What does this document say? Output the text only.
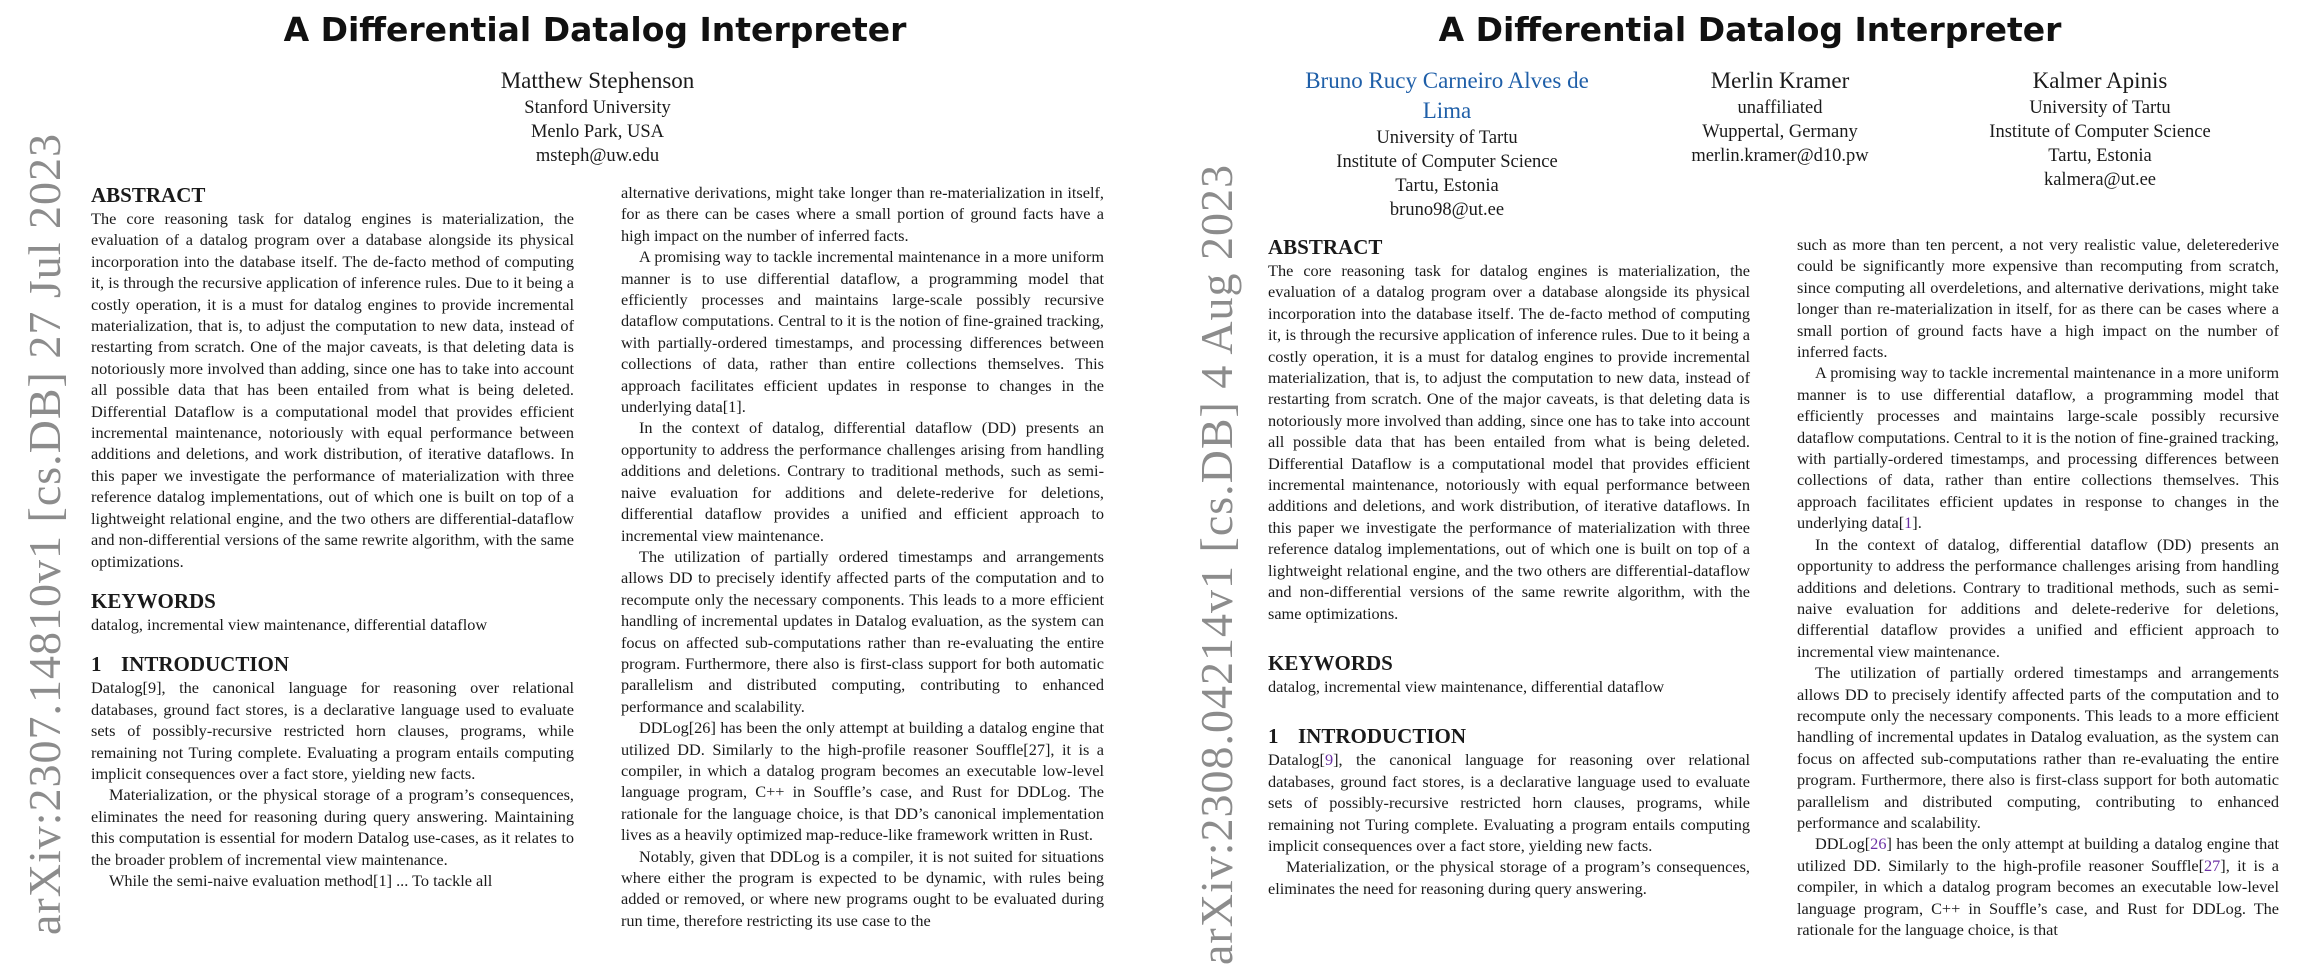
arXiv:2307.14810v1 [cs.DB] 27 Jul 2023
A Differential Datalog Interpreter
Matthew Stephenson
Stanford University
Menlo Park, USA
msteph@uw.edu
ABSTRACT

The core reasoning task for datalog engines is materialization, the evaluation of a datalog program over a database alongside its physical incorporation into the database itself. The de-facto method of computing it, is through the recursive application of inference rules. Due to it being a costly operation, it is a must for datalog engines to provide incremental materialization, that is, to adjust the computation to new data, instead of restarting from scratch. One of the major caveats, is that deleting data is notoriously more involved than adding, since one has to take into account all possible data that has been entailed from what is being deleted. Differential Dataflow is a computational model that provides efficient incremental maintenance, notoriously with equal performance between additions and deletions, and work distribution, of iterative dataflows. In this paper we investigate the performance of materialization with three reference datalog implementations, out of which one is built on top of a lightweight relational engine, and the two others are differential-dataflow and non-differential versions of the same rewrite algorithm, with the same optimizations.

KEYWORDS

datalog, incremental view maintenance, differential dataflow

1 INTRODUCTION

Datalog[9], the canonical language for reasoning over relational databases, ground fact stores, is a declarative language used to evaluate sets of possibly-recursive restricted horn clauses, programs, while remaining not Turing complete. Evaluating a program entails computing implicit consequences over a fact store, yielding new facts.

Materialization, or the physical storage of a program’s consequences, eliminates the need for reasoning during query answering. Maintaining this computation is essential for modern Datalog use-cases, as it relates to the broader problem of incremental view maintenance.

While the semi-naive evaluation method[1] ... To tackle all

alternative derivations, might take longer than re-materialization in itself, for as there can be cases where a small portion of ground facts have a high impact on the number of inferred facts.

A promising way to tackle incremental maintenance in a more uniform manner is to use differential dataflow, a programming model that efficiently processes and maintains large-scale possibly recursive dataflow computations. Central to it is the notion of fine-grained tracking, with partially-ordered timestamps, and processing differences between collections of data, rather than entire collections themselves. This approach facilitates efficient updates in response to changes in the underlying data[1].

In the context of datalog, differential dataflow (DD) presents an opportunity to address the performance challenges arising from handling additions and deletions. Contrary to traditional methods, such as semi-naive evaluation for additions and delete-rederive for deletions, differential dataflow provides a unified and efficient approach to incremental view maintenance.

The utilization of partially ordered timestamps and arrangements allows DD to precisely identify affected parts of the computation and to recompute only the necessary components. This leads to a more efficient handling of incremental updates in Datalog evaluation, as the system can focus on affected sub-computations rather than re-evaluating the entire program. Furthermore, there also is first-class support for both automatic parallelism and distributed computing, contributing to enhanced performance and scalability.

DDLog[26] has been the only attempt at building a datalog engine that utilized DD. Similarly to the high-profile reasoner Souffle[27], it is a compiler, in which a datalog program becomes an executable low-level language program, C++ in Souffle’s case, and Rust for DDLog. The rationale for the language choice, is that DD’s canonical implementation lives as a heavily optimized map-reduce-like framework written in Rust.

Notably, given that DDLog is a compiler, it is not suited for situations where either the program is expected to be dynamic, with rules being added or removed, or where new programs ought to be evaluated during run time, therefore restricting its use case to the	arXiv:2308.04214v1 [cs.DB] 4 Aug 2023
A Differential Datalog Interpreter
Bruno Rucy Carneiro Alves de
Lima
University of Tartu
Institute of Computer Science
Tartu, Estonia
bruno98@ut.ee
Merlin Kramer
unaffiliated
Wuppertal, Germany
merlin.kramer@d10.pw
Kalmer Apinis
University of Tartu
Institute of Computer Science
Tartu, Estonia
kalmera@ut.ee
ABSTRACT

The core reasoning task for datalog engines is materialization, the evaluation of a datalog program over a database alongside its physical incorporation into the database itself. The de-facto method of computing it, is through the recursive application of inference rules. Due to it being a costly operation, it is a must for datalog engines to provide incremental materialization, that is, to adjust the computation to new data, instead of restarting from scratch. One of the major caveats, is that deleting data is notoriously more involved than adding, since one has to take into account all possible data that has been entailed from what is being deleted. Differential Dataflow is a computational model that provides efficient incremental maintenance, notoriously with equal performance between additions and deletions, and work distribution, of iterative dataflows. In this paper we investigate the performance of materialization with three reference datalog implementations, out of which one is built on top of a lightweight relational engine, and the two others are differential-dataflow and non-differential versions of the same rewrite algorithm, with the same optimizations.

KEYWORDS

datalog, incremental view maintenance, differential dataflow

1 INTRODUCTION

Datalog[9], the canonical language for reasoning over relational databases, ground fact stores, is a declarative language used to evaluate sets of possibly-recursive restricted horn clauses, programs, while remaining not Turing complete. Evaluating a program entails computing implicit consequences over a fact store, yielding new facts.

Materialization, or the physical storage of a program’s consequences, eliminates the need for reasoning during query answering.

such as more than ten percent, a not very realistic value, deleterederive could be significantly more expensive than recomputing from scratch, since computing all overdeletions, and alternative derivations, might take longer than re-materialization in itself, for as there can be cases where a small portion of ground facts have a high impact on the number of inferred facts.

A promising way to tackle incremental maintenance in a more uniform manner is to use differential dataflow, a programming model that efficiently processes and maintains large-scale possibly recursive dataflow computations. Central to it is the notion of fine-grained tracking, with partially-ordered timestamps, and processing differences between collections of data, rather than entire collections themselves. This approach facilitates efficient updates in response to changes in the underlying data[1].

In the context of datalog, differential dataflow (DD) presents an opportunity to address the performance challenges arising from handling additions and deletions. Contrary to traditional methods, such as semi-naive evaluation for additions and delete-rederive for deletions, differential dataflow provides a unified and efficient approach to incremental view maintenance.

The utilization of partially ordered timestamps and arrangements allows DD to precisely identify affected parts of the computation and to recompute only the necessary components. This leads to a more efficient handling of incremental updates in Datalog evaluation, as the system can focus on affected sub-computations rather than re-evaluating the entire program. Furthermore, there also is first-class support for both automatic parallelism and distributed computing, contributing to enhanced performance and scalability.

DDLog[26] has been the only attempt at building a datalog engine that utilized DD. Similarly to the high-profile reasoner Souffle[27], it is a compiler, in which a datalog program becomes an executable low-level language program, C++ in Souffle’s case, and Rust for DDLog. The rationale for the language choice, is that
